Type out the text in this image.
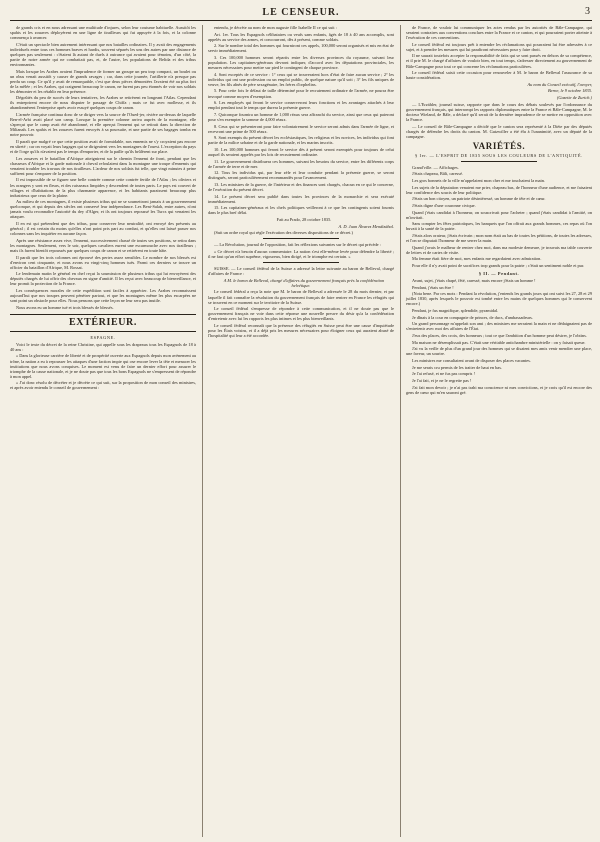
LE CENSEUR.	3

de grands cris et en nous adressant une multitude d'injures, selon leur coutume habituelle. Aussitôt les spahis et les zouaves déployèrent en une ligne de tirailleurs qui fut appuyée à la fois, et la colonne commença à avancer.

C'était un spectacle bien autrement intéressant que nos batailles ordinaires. Il y avait des engagements individuels entre tous ces hommes braves et hardis, souvent séparés les uns des autres par une distance de quelques pas seulement : c'étaient là autant de duels à outrance qui avaient pour témoins, d'un côté, la partie de notre armée qui ne combattait pas, et, de l'autre, les populations de Belida et des tribus environnantes.

Mais lorsque les Arabes avaient l'imprudence de former un groupe un peu trop compact, un boulet ou un obus venait aussitôt y causer de grands ravages ; car, dans cette journée, l'artillerie n'a presque pas perdu un coup. Ce qu'il y avait de remarquable, c'est que deux pièces démontées l'avaient été au plus fort de la mêlée ; et les Arabes, qui craignent beaucoup le canon, ne furent pas peu étonnés de voir nos soldats les démonter et les rétablir en leur présence.

Dégoûtés du peu de succès de leurs tentatives, les Arabes se retirèrent en longeant l'Atlas. Cependant ils entreprirent encore de nous disputer le passage de Chiffa ; mais ce fut avec mollesse, et ils abandonnèrent l'entreprise après avoir essuyé quelques coups de canon.

L'armée française continua donc de se diriger vers la source de l'Oued-jer, rivière au-dessus de laquelle Ben-el-Arbi avait placé son camp. Lorsque la première colonne arriva auprès de la montagne, elle s'aperçut que le camp avait été abandonné, et elle aperçut l'ennemi qui se retirait dans la direction de Milianah. Les spahis et les zouaves furent envoyés à sa poursuite, et une partie de ses bagages tomba en notre pouvoir.

Il paraît que malgré ce que cette position avait de formidable, nos ennemis ne s'y croyaient pas encore en sûreté ; car on voyait leurs bagages qui se dirigeaient vers les montagnes de l'ouest. L'exception du pays et de l'orge qu'ils n'avaient pas le temps d'emporter, et de la paille qu'ils brûlèrent sur place.

Les zouaves et le bataillon d'Afrique atteignirent sur le chemin l'ennemi de front, pendant que les chasseurs d'Afrique et la garde nationale à cheval refoulaient dans la montagne une troupe d'ennemis qui venaient troubler les travaux de nos tirailleurs. L'ardeur de nos soldats fut telle, que vingt minutes à peine suffirent pour s'emparer de la position.

Il est impossible de se figurer une belle contrée comme cette contrée fertile de l'Atlas ; les oliviers et les orangers y sont en fleurs, et des ruisseaux limpides y descendent de toutes parts. Le pays est couvert de villages et d'habitations de la plus charmante apparence, et les habitants paraissent beaucoup plus industrieux que ceux de la plaine.

Au milieu de ces montagnes, il existe plusieurs tribus qui ne se soumettront jamais à un gouvernement quelconque, et qui depuis des siècles ont conservé leur indépendance. Les Beni-Salah, entre autres, n'ont jamais voulu reconnaître l'autorité du dey d'Alger, et ils ont toujours repoussé les Turcs qui venaient les attaquer.

Il en est qui prétendent que des tribus, pour conserver leur neutralité, ont envoyé des présents au général ; il est certain du moins qu'elles n'ont point pris part au combat, et qu'elles ont laissé passer nos colonnes sans les inquiéter en aucune façon.

Après une résistance assez vive, l'ennemi, successivement chassé de toutes ses positions, se retira dans les montagnes. Seulement, vers le soir, quelques cavaliers eurent une escarmouche avec nos tirailleurs ; mais ils furent bientôt repoussés par quelques coups de canon et se retirèrent en toute hâte.

Il paraît que les trois colonnes ont éprouvé des pertes assez sensibles. Le nombre de nos blessés est d'environ cent cinquante, et nous avons eu vingt-cinq hommes tués. Parmi ces derniers se trouve un officier du bataillon d'Afrique, M. Rossat.

Le lendemain matin le général en chef reçut la soumission de plusieurs tribus qui lui envoyèrent des députés chargés de lui offrir des chevaux en signe d'amitié. Il les reçut avec beaucoup de bienveillance, et leur promit la protection de la France.

Les conséquences morales de cette expédition sont faciles à apprécier. Les Arabes reconnaissent aujourd'hui que nos troupes peuvent pénétrer partout, et que les montagnes même les plus escarpées ne sont point un obstacle pour elles. Nous pensons que cette leçon ne leur sera pas inutile.

Nous avons eu un homme tué et trois blessés de blessés.

EXTÉRIEUR.
ESPAGNE.

Voici le texte du décret de la reine Christine, qui appelle sous les drapeaux tous les Espagnols de 18 à 40 ans :

« Dans la glorieuse carrière de liberté et de prospérité ouverte aux Espagnols depuis mon avènement au trône, la nation a eu à repousser les attaques d'une faction impie qui ose encore lever la tête et menacer les institutions que nous avons conquises. Le moment est venu de faire un dernier effort pour assurer le triomphe de la cause nationale, et je ne doute pas que tous les bons Espagnols ne s'empressent de répondre à mon appel.

« J'ai donc résolu de décréter et je décrète ce qui suit, sur la proposition de mon conseil des ministres, et après avoir entendu le conseil de gouvernement :

entendu, je décrète au nom de mon auguste fille Isabelle II ce qui suit :

Art. 1er. Tous les Espagnols célibataires ou veufs sans enfants, âgés de 18 à 40 ans accomplis, sont appelés au service des armes, et concourront, dès à présent, comme soldats.

2. Sur le nombre total des hommes qui fourniront ces appels, 100,000 seront organisés et mis en état de servir immédiatement.

3. Ces 100,000 hommes seront répartis entre les diverses provinces du royaume, suivant leur population. Les capitaines-généraux devront indiquer, d'accord avec les députations provinciales, les mesures nécessaires pour mettre sur pied le contingent de chaque province.

4. Sont exceptés de ce service : 1° ceux qui se trouveraient hors d'état de faire aucun service ; 2° les individus qui ont une profession ou un emploi public, de quelque nature qu'il soit ; 3° les fils uniques de veuve, les fils aînés de père sexagénaire, les frères d'orphelins.

5. Pour cette fois le défaut de taille déterminé pour le recrutement ordinaire de l'armée, ne pourra être invoqué comme moyen d'exemption.

6. Les employés qui feront le service conserveront leurs fonctions et les avantages attachés à leur emploi pendant tout le temps que durera la présente guerre.

7. Quiconque fournira un homme de 1,000 réaux sera affranchi du service, ainsi que ceux qui paieront pour s'en exempter la somme de 4,000 réaux.

8. Ceux qui se présenteront pour faire volontairement le service seront admis dans l'armée de ligne, et recevront une prime de 500 réaux.

9. Sont exempts du présent décret les ecclésiastiques, les religieux et les novices, les individus qui font partie de la milice urbaine et de la garde nationale, et les marins inscrits.

10. Les 100,000 hommes qui feront le service dès à présent seront exemptés pour toujours de celui auquel ils seraient appelés par les lois de recrutement ordinaire.

11. Le gouvernement distribuera ces hommes, suivant les besoins du service, entre les différents corps de l'armée de terre et de mer.

12. Tous les individus qui, par leur zèle et leur conduite pendant la présente guerre, se seront distingués, seront particulièrement recommandés pour l'avancement.

13. Les ministres de la guerre, de l'intérieur et des finances sont chargés, chacun en ce qui le concerne, de l'exécution du présent décret.

14. Le présent décret sera publié dans toutes les provinces de la monarchie et sera exécuté immédiatement.

15. Les capitaines-généraux et les chefs politiques veilleront à ce que les contingents soient fournis dans le plus bref délai.

Fait au Prado, 28 octobre 1835.

A. D. Juan Álvarez Mendizábal.

(Suit un ordre royal qui règle l'exécution des diverses dispositions de ce décret.)

— La Révolution, journal de l'opposition, fait les réflexions suivantes sur le décret qui précède :

« Ce décret n'a besoin d'aucun commentaire. La nation s'est elle-même levée pour défendre la liberté ; il ne faut qu'un effort suprême, vigoureux, bien dirigé, et le triomphe est certain. »

SUISSE. — Le conseil fédéral de la Suisse a adressé la lettre suivante au baron de Belleval, chargé d'affaires de France :

A M. le baron de Belleval, chargé d'affaires du gouvernement français près la confédération helvétique.

Le conseil fédéral a reçu la note que M. le baron de Belleval a adressée le 28 du mois dernier, et par laquelle il fait connaître la résolution du gouvernement français de faire rentrer en France les réfugiés qui se trouvent en ce moment sur le territoire de la Suisse.

Le conseil fédéral s'empresse de répondre à cette communication, et il ne doute pas que le gouvernement français ne voie dans cette réponse une nouvelle preuve du désir qu'a la confédération d'entretenir avec lui les rapports les plus intimes et les plus bienveillants.

Le conseil fédéral reconnaît que la présence des réfugiés en Suisse peut être une cause d'inquiétude pour les États voisins, et il a déjà pris les mesures nécessaires pour éloigner ceux qui auraient abusé de l'hospitalité qui leur a été accordée.

de France, de vouloir lui communiquer les actes rendus par les autorités de Bâle-Campagne, qui seraient contraires aux conventions conclues entre la France et ce canton, et qui pourraient porter atteinte à l'exécution de ces conventions.

Le conseil fédéral est toujours prêt à entendre les réclamations qui pourraient lui être adressées à ce sujet, et à prendre les mesures qui lui paraîtront nécessaires pour y faire droit.

Il ne saurait toutefois accepter la responsabilité de faits qui se sont passés en dehors de sa compétence, et il prie M. le chargé d'affaires de vouloir bien, en tout temps, s'adresser directement au gouvernement de Bâle-Campagne pour tout ce qui concerne les réclamations particulières.

Le conseil fédéral saisit cette occasion pour renouveler à M. le baron de Belleval l'assurance de sa haute considération.

Au nom du Conseil exécutif, l'avoyer,

Berne, le 9 octobre 1835.

(Gazette de Zurich.)

— L'Erzähler, journal suisse, rapporte que dans le cours des débats soulevés par l'ordonnance du gouvernement français, qui interrompt les rapports diplomatiques entre la France et Bâle-Campagne, M. le docteur Wieland, de Bâle, a déclaré qu'il serait de la dernière imprudence de se mettre en opposition avec la France.

— Le conseil de Bâle-Campagne a décidé que le canton sera représenté à la Diète par des députés chargés de défendre les droits du canton. M. Gutzwiller a été élu à l'unanimité, avec un député de la campagne.

VARIÉTÉS.
§ Ier. — L'ESPRIT DE 1835 SOUS LES COULEURS DE L'ANTIQUITÉ.

Grand'ville. — Affichages.

J'étais chapeau, Bâli, caressé.

Les gros bonnets de la ville m'appelaient mon cher et me touchaient la main.

Les sujets de la députation venaient me prier, chapeau bas, de l'honneur d'une audience, et me faisaient leur confidence des soucis de leur politique.

J'étais un bon citoyen, un patriote désintéressé, un homme de tête et de cœur.

J'étais digne d'une couronne civique.

Quand j'étais candidat à l'honneur, on souscrivait pour l'acheter ; quand j'étais candidat à l'amitié, on m'invitait.

Sans compter les fêtes patriotiques, les banquets que l'on offrait aux grands hommes, ces repas où l'on buvait à la santé de la patrie.

J'étais alors orateur, j'étais écrivain ; mon nom était au bas de toutes les pétitions, de toutes les adresses, et l'on se disputait l'honneur de me serrer la main.

Quand j'avais le malheur de rentrer chez moi, dans ma modeste demeure, je trouvais ma table couverte de lettres et de cartes de visite.

Ma femme était fière de moi, mes enfants me regardaient avec admiration.

Pour elle il n'y avait point de sacrifices trop grands pour la patrie ; c'était un sentiment noble et pur.

§ II. — Pendant.

Avant, sujet, j'étais chapé, fêté, caressé, mais encore j'étais un homme !

Pendant, j'étais un être !

(Nota bene. Par ces mots : Pendant la révolution, j'entends les grands jours qui ont suivi les 27, 28 et 29 juillet 1830, après lesquels le pouvoir est tombé entre les mains de quelques hommes qui le conservent encore.)

Pendant, je fus magnifique, splendide, pyramidal.

Je dînais à la cour en compagnie de princes, de ducs, d'ambassadeurs.

Un grand personnage m'appelait son ami ; des ministres me serraient la main et ne dédaignaient pas de s'entretenir avec moi des affaires de l'État.

J'eus des places, des croix, des honneurs ; tout ce que l'ambition d'un homme peut désirer, je l'obtins.

Ma maison ne désemplissait pas. C'était une véritable antichambre ministérielle : on y faisait queue.

J'ai vu la veille de plus d'un grand jour des hommes qui se disaient mes amis venir mendier une place, une faveur, un sourire.

Les ministres me consultaient avant de disposer des places vacantes.

Je me serais cru permis de les traiter de haut en bas.

Je l'ai refusé, et ne fus pas compris !

Je l'ai fait, et je ne le regrette pas !

J'ai fait mon devoir ; je n'ai pas trahi ma conscience ni mes convictions, et je crois qu'il est encore des gens de cœur qui m'en sauront gré.
